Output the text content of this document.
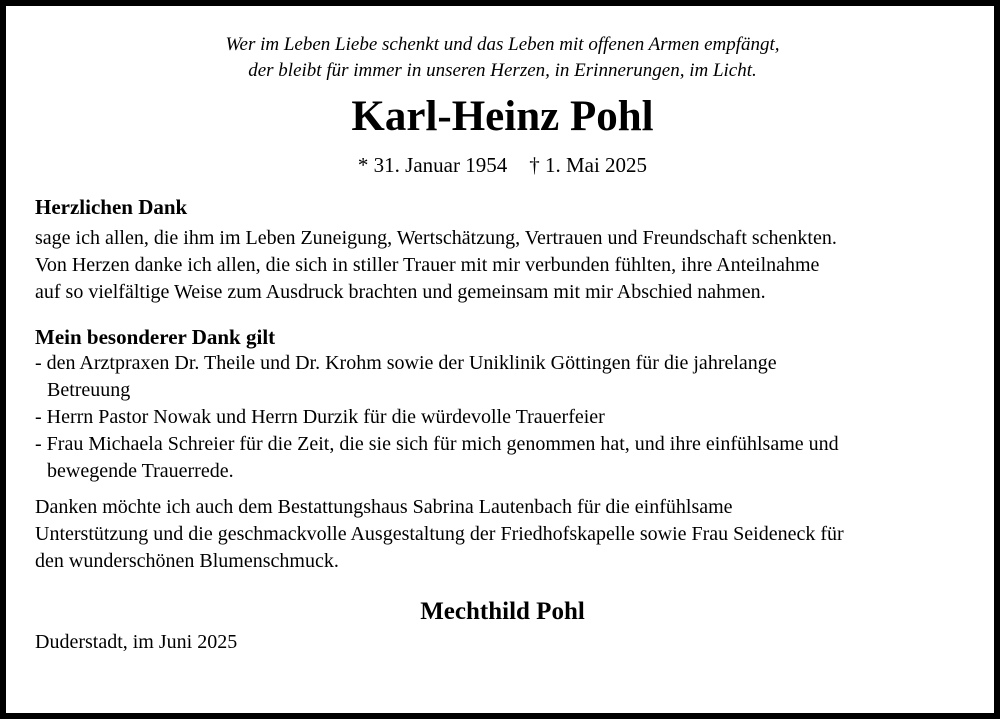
Wer im Leben Liebe schenkt und das Leben mit offenen Armen empfängt,
der bleibt für immer in unseren Herzen, in Erinnerungen, im Licht.
Karl-Heinz Pohl
* 31. Januar 1954 † 1. Mai 2025
Herzlichen Dank
sage ich allen, die ihm im Leben Zuneigung, Wertschätzung, Vertrauen und Freundschaft schenkten.
Von Herzen danke ich allen, die sich in stiller Trauer mit mir verbunden fühlten, ihre Anteilnahme
auf so vielfältige Weise zum Ausdruck brachten und gemeinsam mit mir Abschied nahmen.
Mein besonderer Dank gilt
- den Arztpraxen Dr. Theile und Dr. Krohm sowie der Uniklinik Göttingen für die jahrelange
Betreuung
- Herrn Pastor Nowak und Herrn Durzik für die würdevolle Trauerfeier
- Frau Michaela Schreier für die Zeit, die sie sich für mich genommen hat, und ihre einfühlsame und
bewegende Trauerrede.
Danken möchte ich auch dem Bestattungshaus Sabrina Lautenbach für die einfühlsame
Unterstützung und die geschmackvolle Ausgestaltung der Friedhofskapelle sowie Frau Seideneck für
den wunderschönen Blumenschmuck.
Mechthild Pohl
Duderstadt, im Juni 2025
